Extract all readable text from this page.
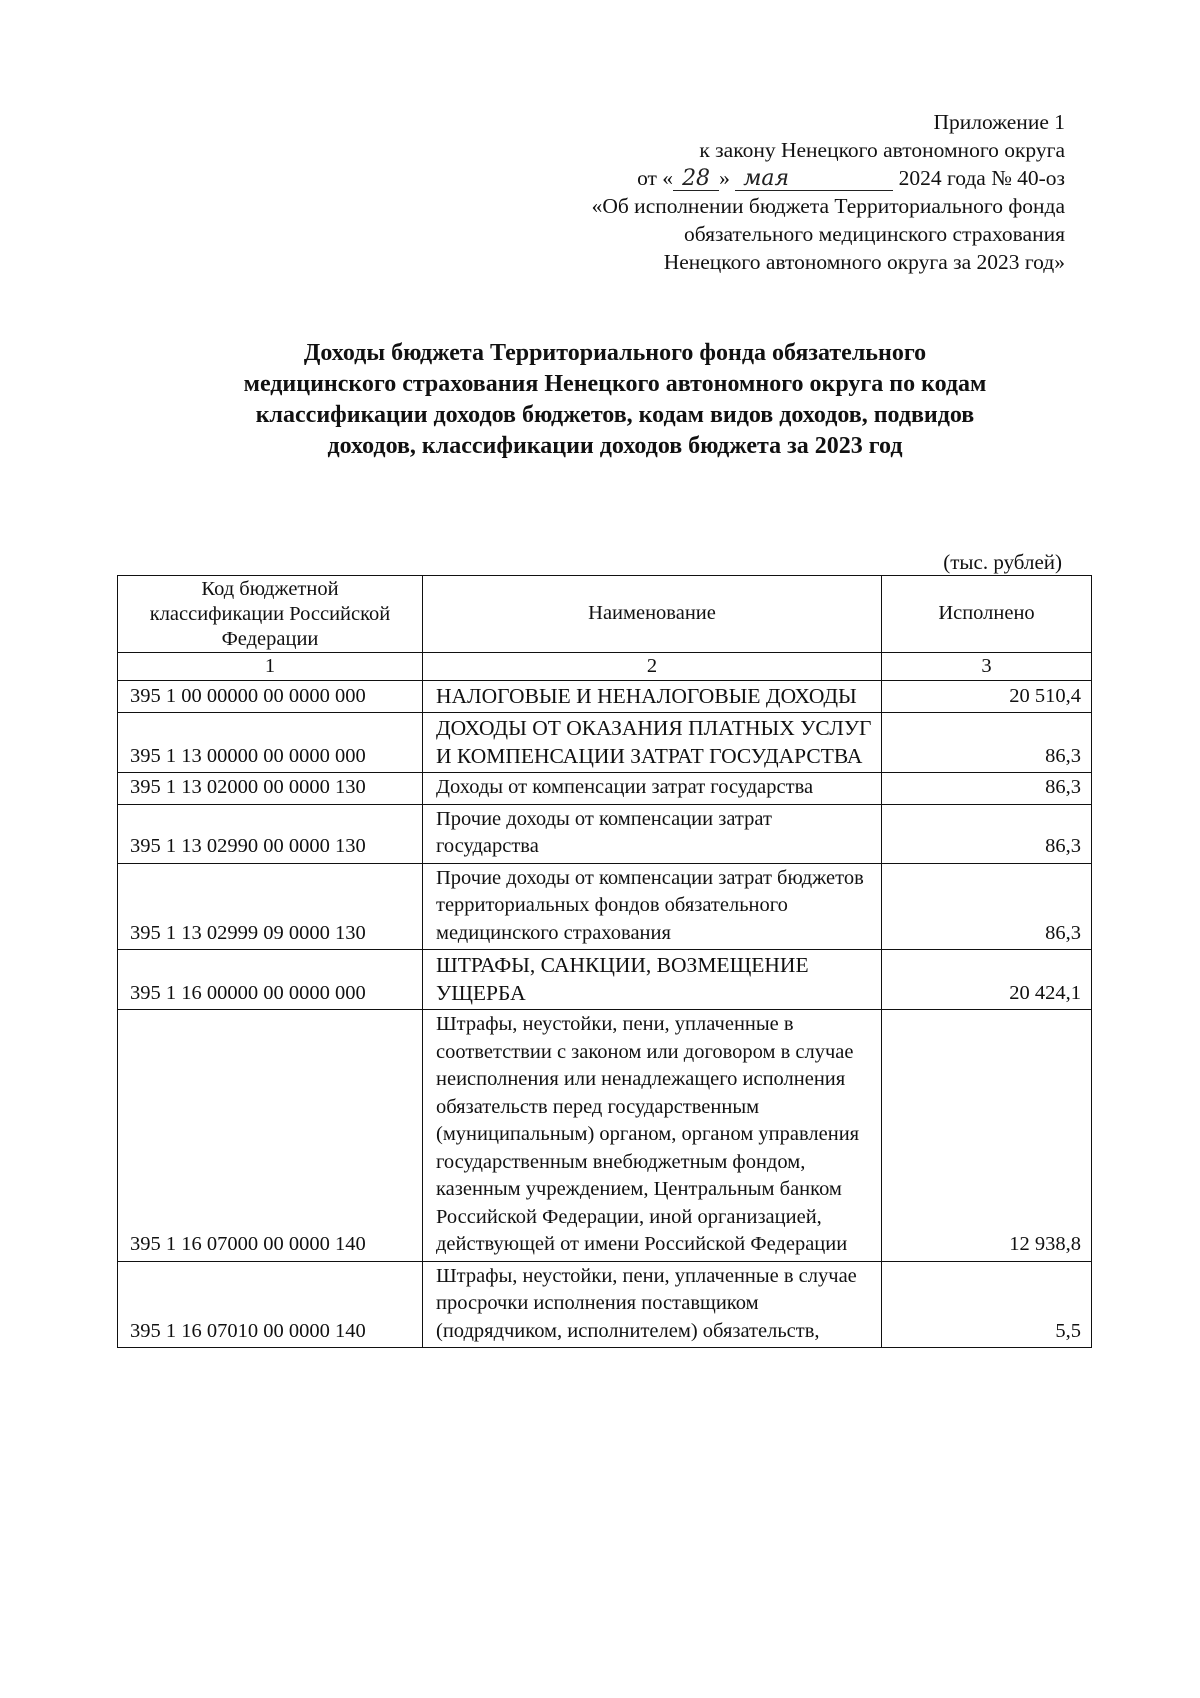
Приложение 1
к закону Ненецкого автономного округа
от « 28 » мая	2024 года № 40-оз
«Об исполнении бюджета Территориального фонда
обязательного медицинского страхования
Ненецкого автономного округа за 2023 год»
Доходы бюджета Территориального фонда обязательного
медицинского страхования Ненецкого автономного округа по кодам
классификации доходов бюджетов, кодам видов доходов, подвидов
доходов, классификации доходов бюджета за 2023 год
(тыс. рублей)
Код бюджетной классификации Российской Федерации	Наименование	Исполнено
1	2	3
395 1 00 00000 00 0000 000	НАЛОГОВЫЕ И НЕНАЛОГОВЫЕ ДОХОДЫ	20 510,4
395 1 13 00000 00 0000 000	ДОХОДЫ ОТ ОКАЗАНИЯ ПЛАТНЫХ УСЛУГ И КОМПЕНСАЦИИ ЗАТРАТ ГОСУДАРСТВА	86,3
395 1 13 02000 00 0000 130	Доходы от компенсации затрат государства	86,3
395 1 13 02990 00 0000 130	Прочие доходы от компенсации затрат государства	86,3
395 1 13 02999 09 0000 130	Прочие доходы от компенсации затрат бюджетов территориальных фондов обязательного медицинского страхования	86,3
395 1 16 00000 00 0000 000	ШТРАФЫ, САНКЦИИ, ВОЗМЕЩЕНИЕ УЩЕРБА	20 424,1
395 1 16 07000 00 0000 140	Штрафы, неустойки, пени, уплаченные в соответствии с законом или договором в случае неисполнения или ненадлежащего исполнения обязательств перед государственным (муниципальным) органом, органом управления государственным внебюджетным фондом, казенным учреждением, Центральным банком Российской Федерации, иной организацией, действующей от имени Российской Федерации	12 938,8
395 1 16 07010 00 0000 140	Штрафы, неустойки, пени, уплаченные в случае просрочки исполнения поставщиком (подрядчиком, исполнителем) обязательств,	5,5
